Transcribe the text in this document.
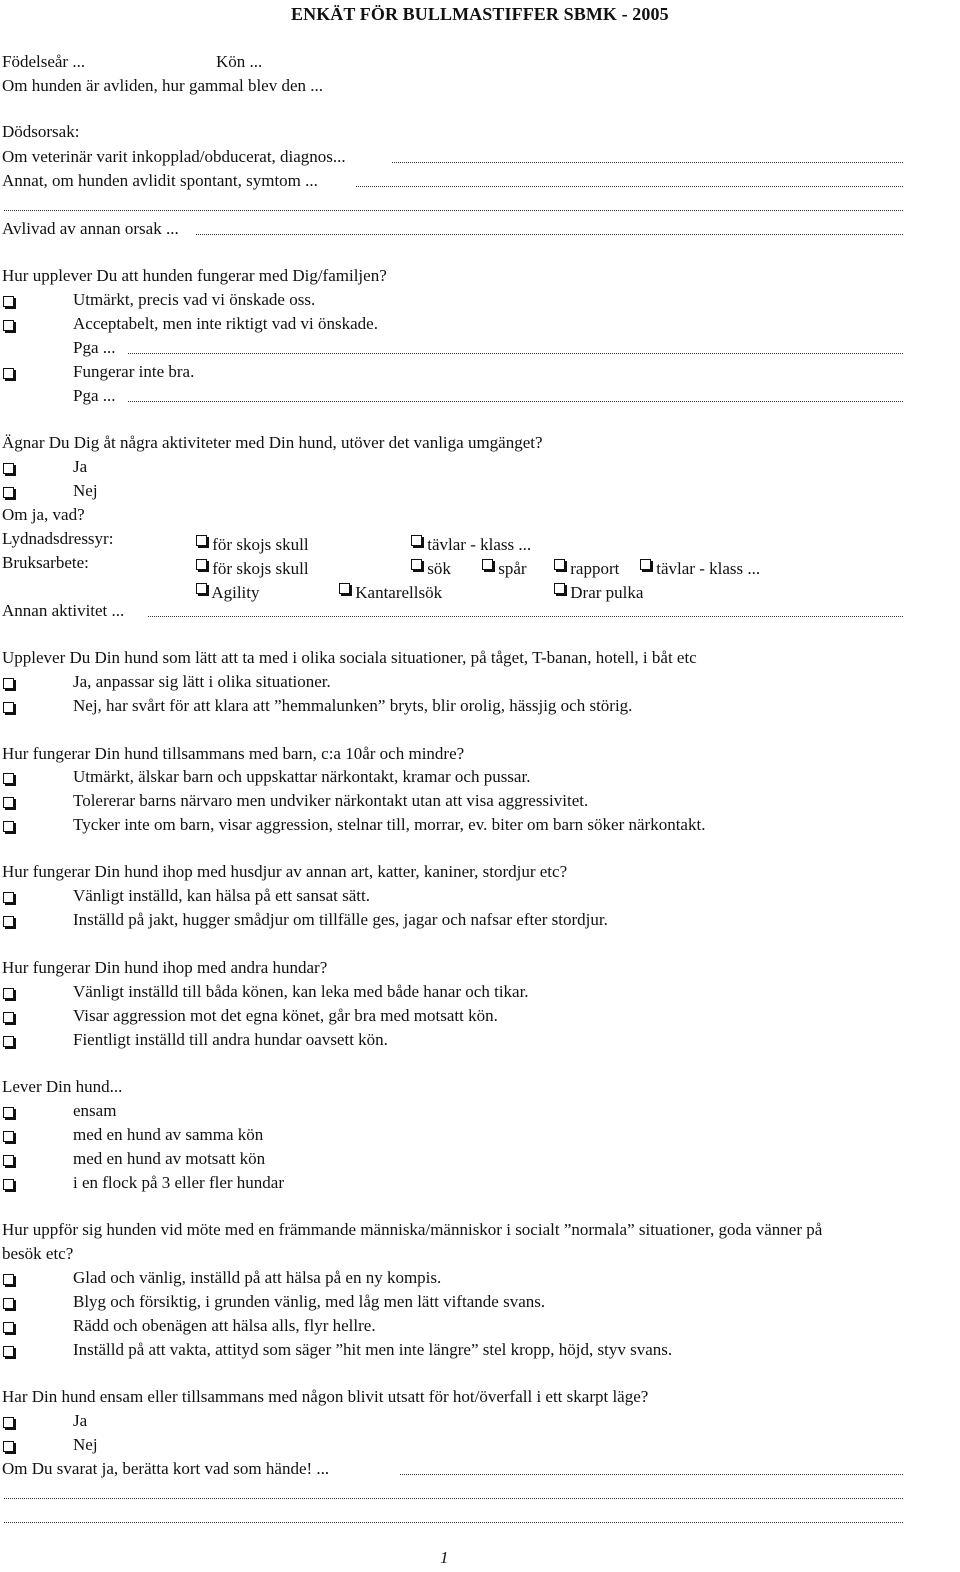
ENKÄT FÖR BULLMASTIFFER SBMK - 2005
Födelseår ...	Kön ...
Om hunden är avliden, hur gammal blev den ...
Dödsorsak:
Om veterinär varit inkopplad/obducerat, diagnos...
Annat, om hunden avlidit spontant, symtom ...
Avlivad av annan orsak ...
Hur upplever Du att hunden fungerar med Dig/familjen?
Utmärkt, precis vad vi önskade oss.
Acceptabelt, men inte riktigt vad vi önskade.
Pga ...
Fungerar inte bra.
Pga ...
Ägnar Du Dig åt några aktiviteter med Din hund, utöver det vanliga umgänget?
Ja
Nej
Om ja, vad?
Lydnadsdressyr:	för skojs skull	tävlar - klass ...
Bruksarbete:	för skojs skull	sök	spår	rapport	tävlar - klass ...
Agility	Kantarellsök	Drar pulka
Annan aktivitet ...
Upplever Du Din hund som lätt att ta med i olika sociala situationer, på tåget, T-banan, hotell, i båt etc
Ja, anpassar sig lätt i olika situationer.
Nej, har svårt för att klara att ”hemmalunken” bryts, blir orolig, hässjig och störig.
Hur fungerar Din hund tillsammans med barn, c:a 10år och mindre?
Utmärkt, älskar barn och uppskattar närkontakt, kramar och pussar.
Tolererar barns närvaro men undviker närkontakt utan att visa aggressivitet.
Tycker inte om barn, visar aggression, stelnar till, morrar, ev. biter om barn söker närkontakt.
Hur fungerar Din hund ihop med husdjur av annan art, katter, kaniner, stordjur etc?
Vänligt inställd, kan hälsa på ett sansat sätt.
Inställd på jakt, hugger smådjur om tillfälle ges, jagar och nafsar efter stordjur.
Hur fungerar Din hund ihop med andra hundar?
Vänligt inställd till båda könen, kan leka med både hanar och tikar.
Visar aggression mot det egna könet, går bra med motsatt kön.
Fientligt inställd till andra hundar oavsett kön.
Lever Din hund...
ensam
med en hund av samma kön
med en hund av motsatt kön
i en flock på 3 eller fler hundar
Hur uppför sig hunden vid möte med en främmande människa/människor i socialt ”normala” situationer, goda vänner på
besök etc?
Glad och vänlig, inställd på att hälsa på en ny kompis.
Blyg och försiktig, i grunden vänlig, med låg men lätt viftande svans.
Rädd och obenägen att hälsa alls, flyr hellre.
Inställd på att vakta, attityd som säger ”hit men inte längre” stel kropp, höjd, styv svans.
Har Din hund ensam eller tillsammans med någon blivit utsatt för hot/överfall i ett skarpt läge?
Ja
Nej
Om Du svarat ja, berätta kort vad som hände! ...
1
